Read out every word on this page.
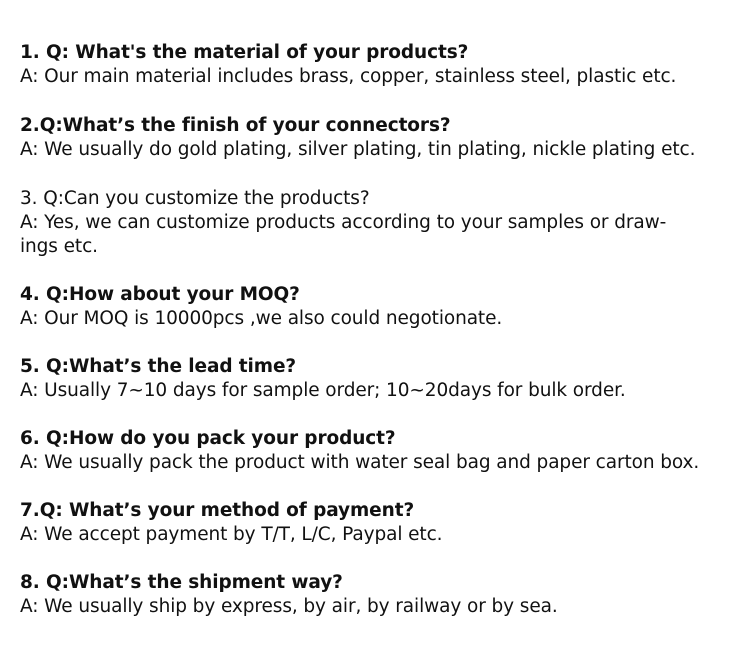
1. Q: What's the material of your products?
A: Our main material includes brass, copper, stainless steel, plastic etc.
2.Q:What’s the finish of your connectors?
A: We usually do gold plating, silver plating, tin plating, nickle plating etc.
3. Q:Can you customize the products?
A: Yes, we can customize products according to your samples or draw-
ings etc.
4. Q:How about your MOQ?
A: Our MOQ is 10000pcs ,we also could negotionate.
5. Q:What’s the lead time?
A: Usually 7~10 days for sample order; 10~20days for bulk order.
6. Q:How do you pack your product?
A: We usually pack the product with water seal bag and paper carton box.
7.Q: What’s your method of payment?
A: We accept payment by T/T, L/C, Paypal etc.
8. Q:What’s the shipment way?
A: We usually ship by express, by air, by railway or by sea.
